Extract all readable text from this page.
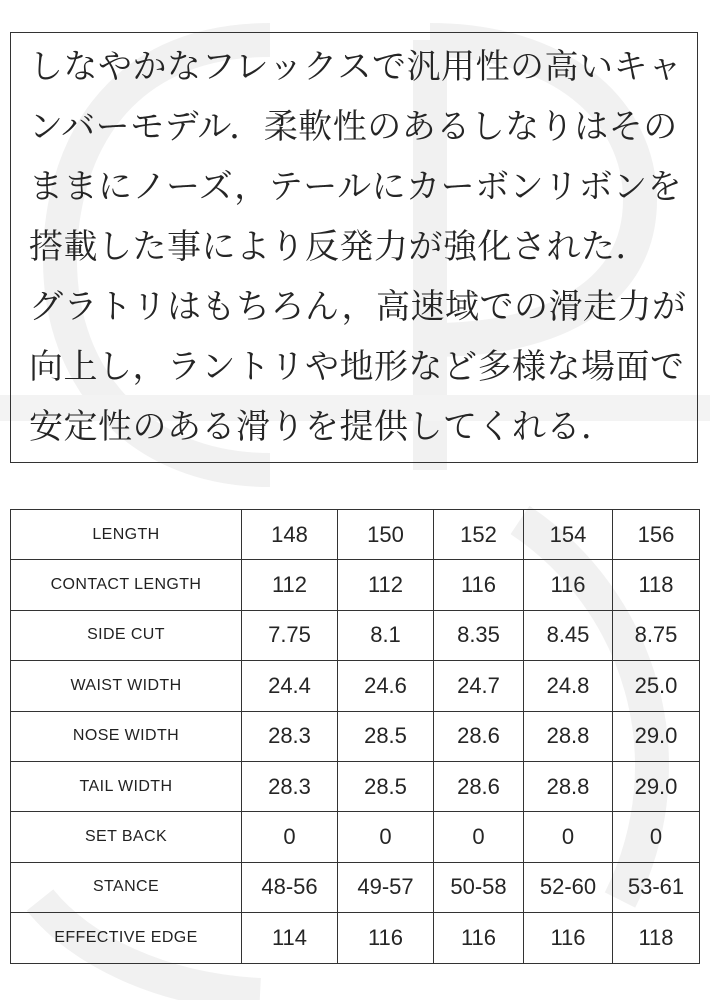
しなやかなフレックスで汎用性の高いキャ
ンバーモデル．柔軟性のあるしなりはその
ままにノーズ，テールにカーボンリボンを
搭載した事により反発力が強化された．
グラトリはもちろん，高速域での滑走力が
向上し，ラントリや地形など多様な場面で
安定性のある滑りを提供してくれる．
LENGTH	148	150	152	154	156
CONTACT LENGTH	112	112	116	116	118
SIDE CUT	7.75	8.1	8.35	8.45	8.75
WAIST WIDTH	24.4	24.6	24.7	24.8	25.0
NOSE WIDTH	28.3	28.5	28.6	28.8	29.0
TAIL WIDTH	28.3	28.5	28.6	28.8	29.0
SET BACK	0	0	0	0	0
STANCE	48-56	49-57	50-58	52-60	53-61
EFFECTIVE EDGE	114	116	116	116	118
